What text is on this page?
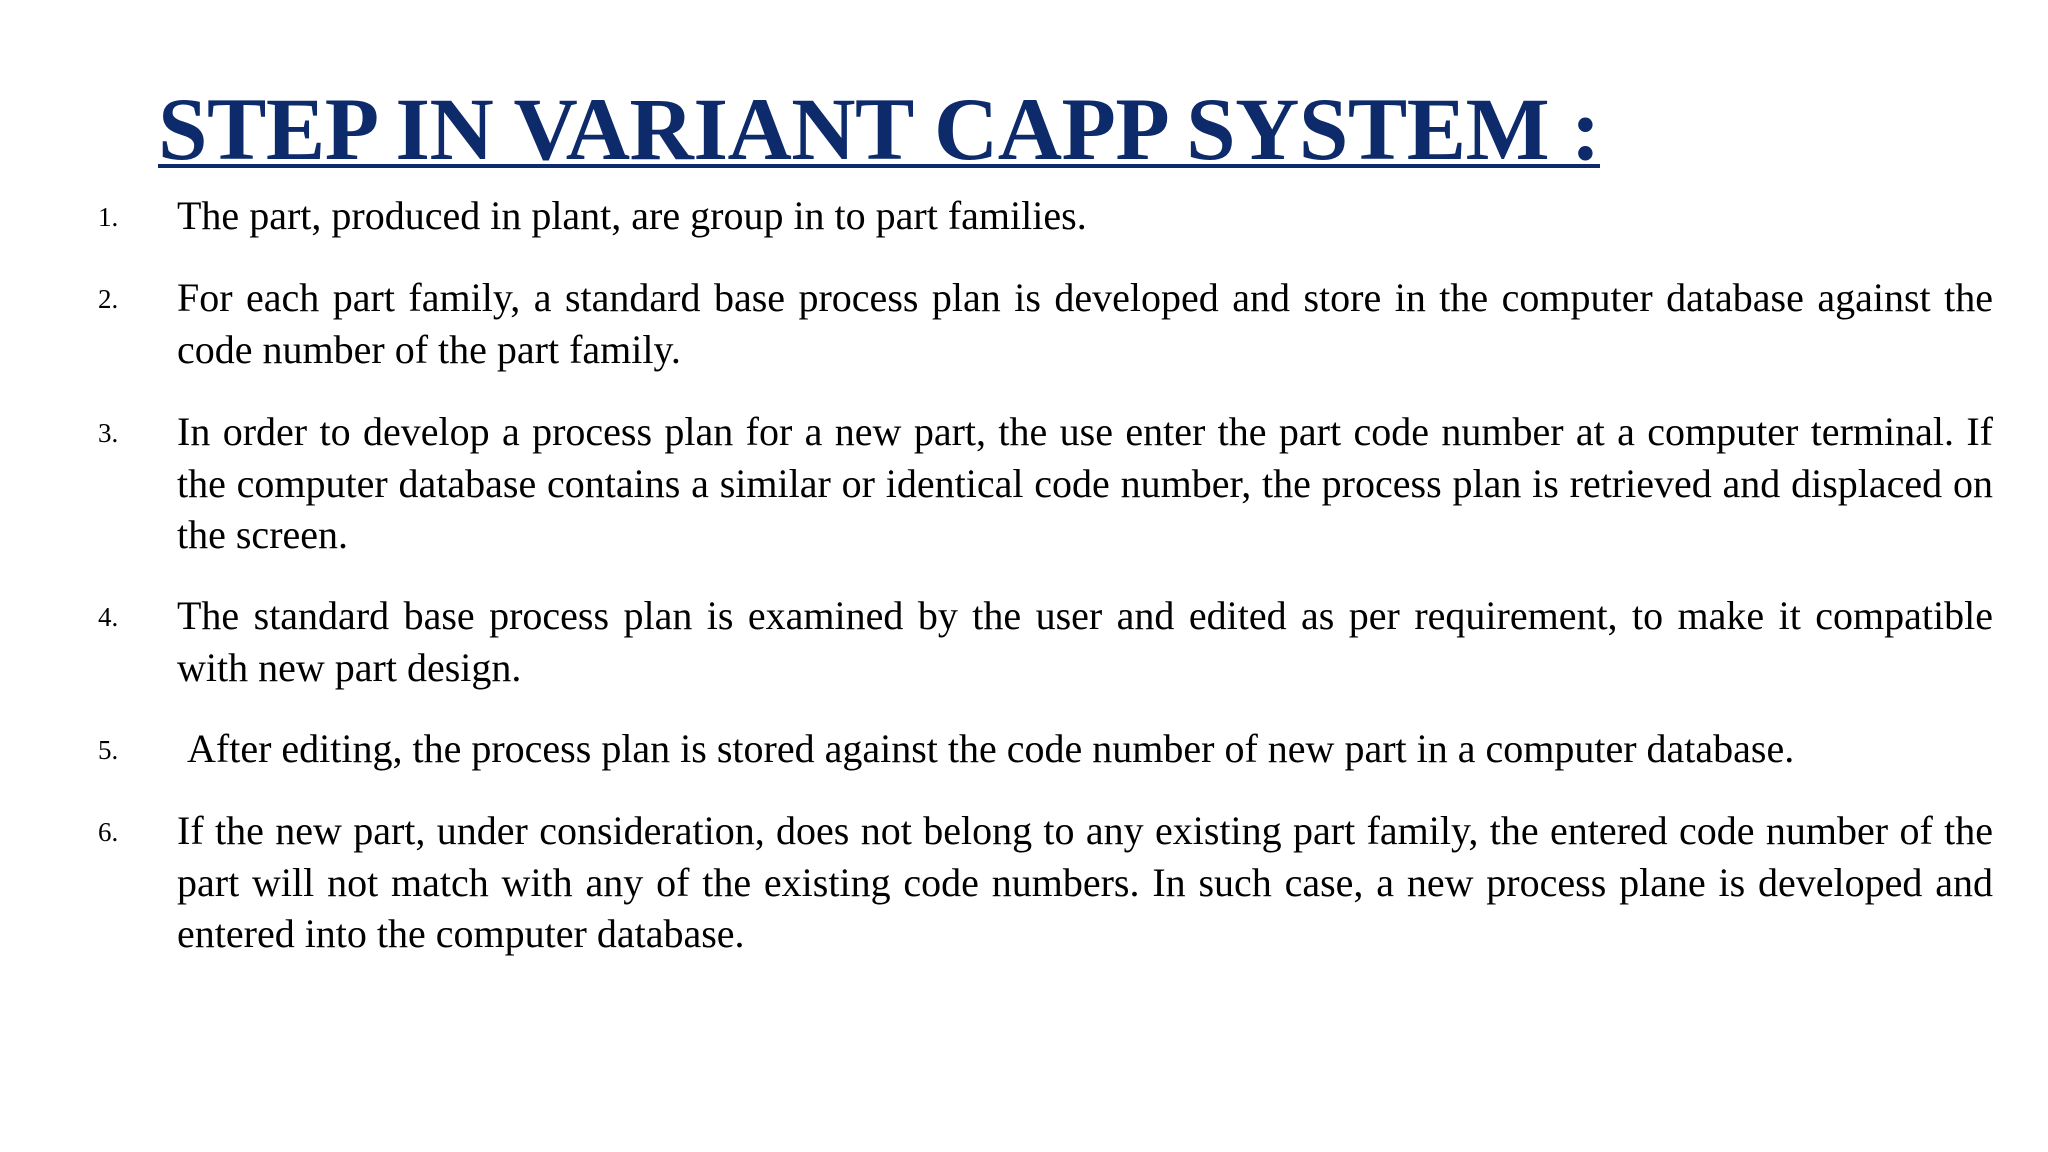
STEP IN VARIANT CAPP SYSTEM :
1. The part, produced in plant, are group in to part families.

2. For each part family, a standard base process plan is developed and store in the computer database against the code number of the part family.

3. In order to develop a process plan for a new part, the use enter the part code number at a computer terminal. If the computer database contains a similar or identical code number, the process plan is retrieved and displaced on the screen.

4. The standard base process plan is examined by the user and edited as per requirement, to make it compatible with new part design.

5. After editing, the process plan is stored against the code number of new part in a computer database.

6. If the new part, under consideration, does not belong to any existing part family, the entered code number of the part will not match with any of the existing code numbers. In such case, a new process plane is developed and entered into the computer database.
